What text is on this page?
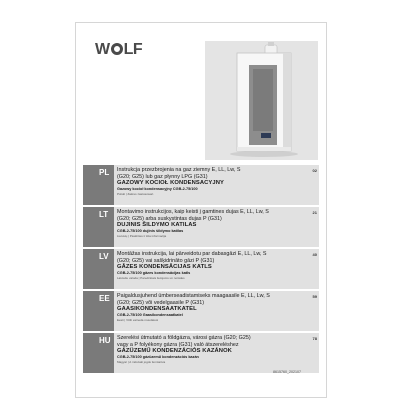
W LF
PL	Instrukcja przezbrojenia na gaz ziemny E, LL, Lw, S
(G20; G25) lub gaz płynny LPG (G31)
GAZOWY KOCIOŁ KONDENSACYJNY
Gazowy kocioł kondensacyjny CGB-2-75/100
Polski | Zakres zastosowań
02
LT	Montavimo instrukcijos, kaip keisti į gamtines dujas E, LL, Lw, S
(G20; G25) arba suskystintas dujas P (G31)
DUJINIS ŠILDYMO KATILAS
CGB-2-75/100 dujinis šildymo katilas
Lietuvių | Paskirties ir kita informacija
21
LV	Montāžas instrukcija, lai pārveidotu par dabasgāzi E, LL, Lw, S
(G20; G25) vai sašķidrināto gāzi P (G31)
GĀZES KONDENSĀCIJAS KATLS
CGB-2-75/100 gāzes kondensācijas katls
Latviešu valoda | Paredzētais lietojums un norādes
40
EE	Paigaldusjuhend ümberseadistamiseks maagaasile E, LL, Lw, S
(G20; G25) või vedelgaasile P (G31)
GAASIKONDENSAATKATEL
CGB-2-75/100 Gaasikondensaatkatel
Eesti | Võib esineda muudatusi
59
HU	Szerelési útmutató a földgázra, városi gázra (G20; G25)
vagy a P folyékony gázra (G31) való átszereléshez
GÁZÜZEMŰ KONDENZÁCIÓS KAZÁNOK
CGB-2-75/100 gázüzemű kondenzációs kazán
Magyar | A műszaki jogok fenntartva
78
8615760_202107
